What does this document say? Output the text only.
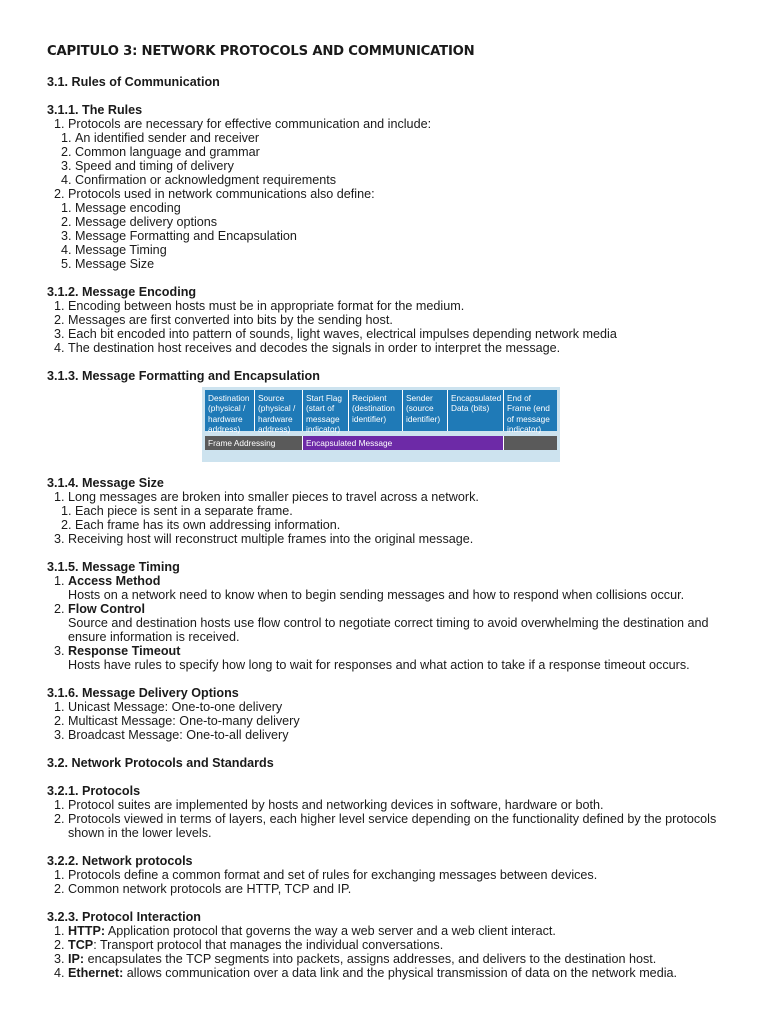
CAPITULO 3: NETWORK PROTOCOLS AND COMMUNICATION
3.1. Rules of Communication
3.1.1. The Rules
1. Protocols are necessary for effective communication and include:
1. An identified sender and receiver
2. Common language and grammar
3. Speed and timing of delivery
4. Confirmation or acknowledgment requirements
2. Protocols used in network communications also define:
1. Message encoding
2. Message delivery options
3. Message Formatting and Encapsulation
4. Message Timing
5. Message Size
3.1.2. Message Encoding
1. Encoding between hosts must be in appropriate format for the medium.
2. Messages are first converted into bits by the sending host.
3. Each bit encoded into pattern of sounds, light waves, electrical impulses depending network media
4. The destination host receives and decodes the signals in order to interpret the message.
3.1.3. Message Formatting and Encapsulation
Destination (physical / hardware address)
Source (physical / hardware address)
Start Flag (start of message indicator)
Recipient (destination identifier)
Sender (source identifier)
Encapsulated Data (bits)
End of Frame (end of message indicator)
Frame Addressing	Encapsulated Message
3.1.4. Message Size
1. Long messages are broken into smaller pieces to travel across a network.
1. Each piece is sent in a separate frame.
2. Each frame has its own addressing information.
3. Receiving host will reconstruct multiple frames into the original message.
3.1.5. Message Timing
1. Access Method
Hosts on a network need to know when to begin sending messages and how to respond when collisions occur.
2. Flow Control
Source and destination hosts use flow control to negotiate correct timing to avoid overwhelming the destination and ensure information is received.
3. Response Timeout
Hosts have rules to specify how long to wait for responses and what action to take if a response timeout occurs.
3.1.6. Message Delivery Options
1. Unicast Message: One-to-one delivery
2. Multicast Message: One-to-many delivery
3. Broadcast Message: One-to-all delivery
3.2. Network Protocols and Standards
3.2.1. Protocols
1. Protocol suites are implemented by hosts and networking devices in software, hardware or both.
2. Protocols viewed in terms of layers, each higher level service depending on the functionality defined by the protocols shown in the lower levels.
3.2.2. Network protocols
1. Protocols define a common format and set of rules for exchanging messages between devices.
2. Common network protocols are HTTP, TCP and IP.
3.2.3. Protocol Interaction
1. HTTP: Application protocol that governs the way a web server and a web client interact.
2. TCP: Transport protocol that manages the individual conversations.
3. IP: encapsulates the TCP segments into packets, assigns addresses, and delivers to the destination host.
4. Ethernet: allows communication over a data link and the physical transmission of data on the network media.
